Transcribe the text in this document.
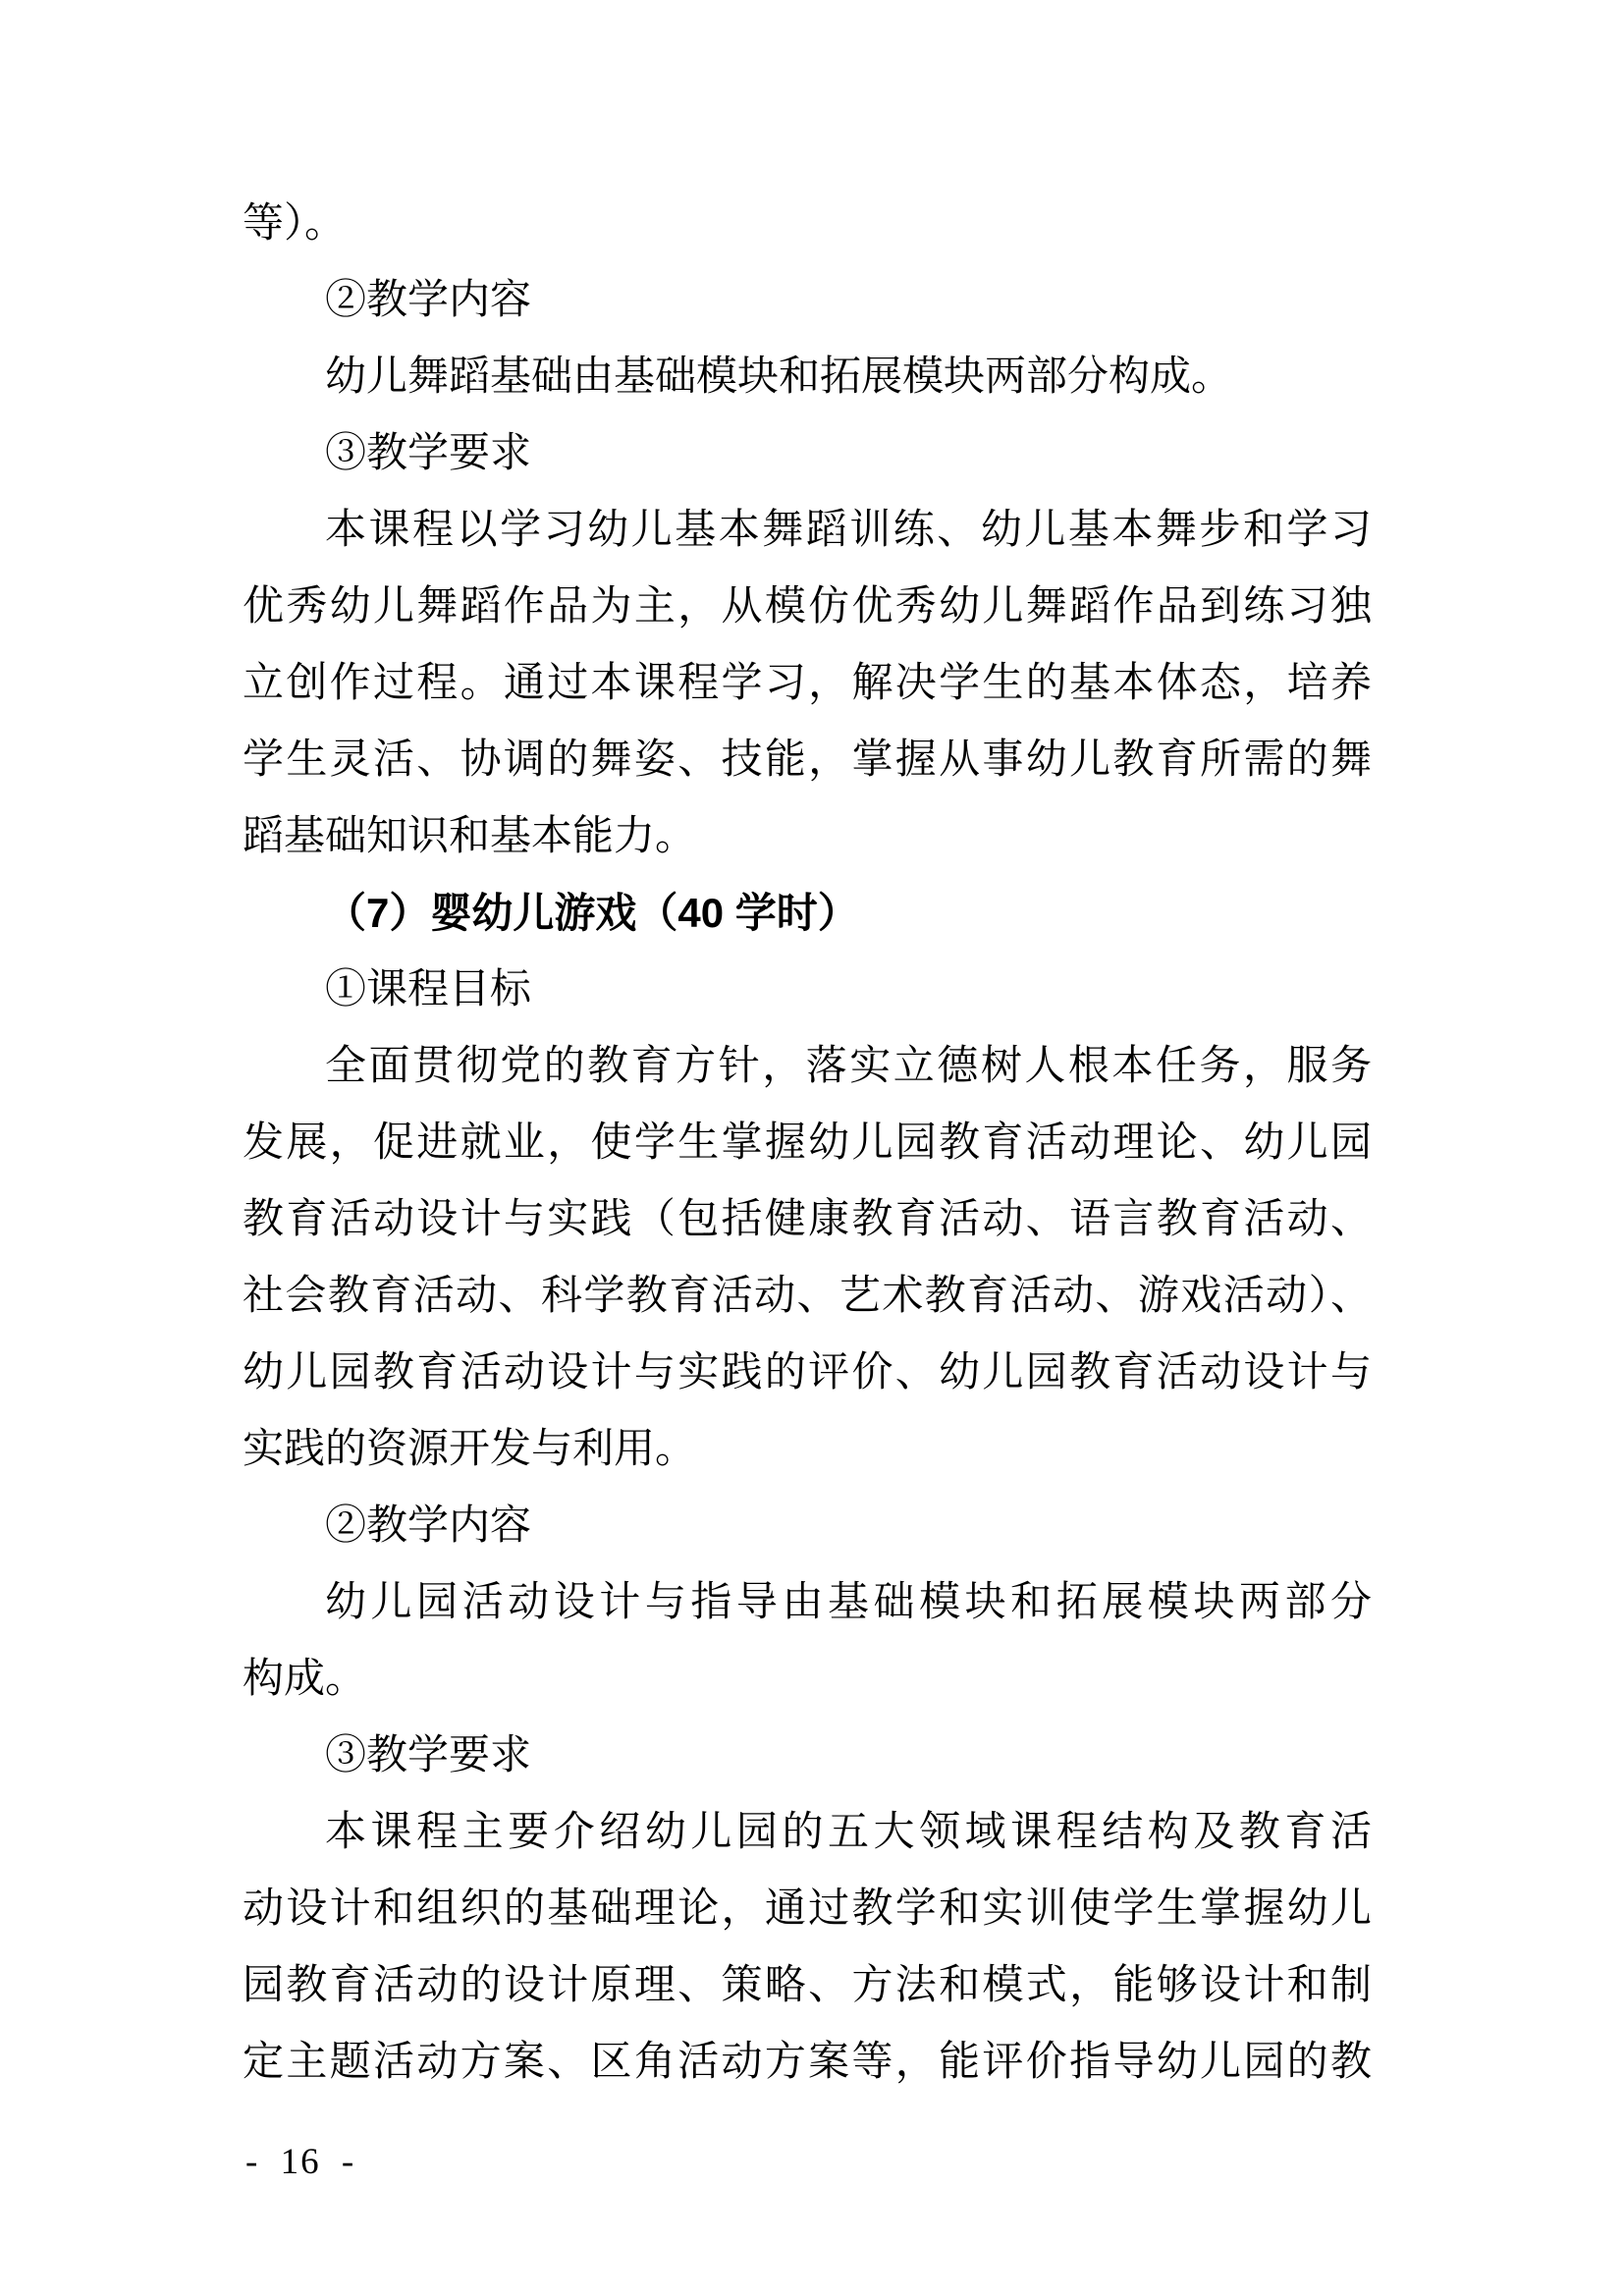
等）。
②教学内容
幼儿舞蹈基础由基础模块和拓展模块两部分构成。
③教学要求
本课程以学习幼儿基本舞蹈训练、幼儿基本舞步和学习
优秀幼儿舞蹈作品为主，从模仿优秀幼儿舞蹈作品到练习独
立创作过程。通过本课程学习，解决学生的基本体态，培养
学生灵活、协调的舞姿、技能，掌握从事幼儿教育所需的舞
蹈基础知识和基本能力。
（7）婴幼儿游戏（40 学时）
①课程目标
全面贯彻党的教育方针，落实立德树人根本任务，服务
发展，促进就业，使学生掌握幼儿园教育活动理论、幼儿园
教育活动设计与实践（包括健康教育活动、语言教育活动、
社会教育活动、科学教育活动、艺术教育活动、游戏活动）、
幼儿园教育活动设计与实践的评价、幼儿园教育活动设计与
实践的资源开发与利用。
②教学内容
幼儿园活动设计与指导由基础模块和拓展模块两部分
构成。
③教学要求
本课程主要介绍幼儿园的五大领域课程结构及教育活
动设计和组织的基础理论，通过教学和实训使学生掌握幼儿
园教育活动的设计原理、策略、方法和模式，能够设计和制
定主题活动方案、区角活动方案等，能评价指导幼儿园的教
- 16 -
